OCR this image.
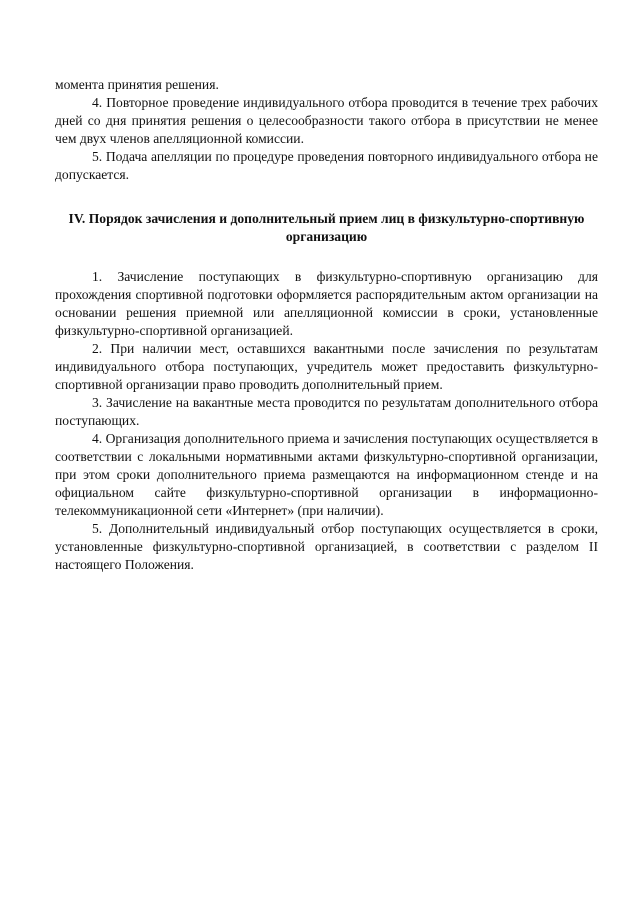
момента принятия решения.

4. Повторное проведение индивидуального отбора проводится в течение трех рабочих дней со дня принятия решения о целесообразности такого отбора в присутствии не менее чем двух членов апелляционной комиссии.

5. Подача апелляции по процедуре проведения повторного индивидуального отбора не допускается.

IV. Порядок зачисления и дополнительный прием лиц в физкультурно-спортивную организацию

1. Зачисление поступающих в физкультурно-спортивную организацию для прохождения спортивной подготовки оформляется распорядительным актом организации на основании решения приемной или апелляционной комиссии в сроки, установленные физкультурно-спортивной организацией.

2. При наличии мест, оставшихся вакантными после зачисления по результатам индивидуального отбора поступающих, учредитель может предоставить физкультурно-спортивной организации право проводить дополнительный прием.

3. Зачисление на вакантные места проводится по результатам дополнительного отбора поступающих.

4. Организация дополнительного приема и зачисления поступающих осуществляется в соответствии с локальными нормативными актами физкультурно-спортивной организации, при этом сроки дополнительного приема размещаются на информационном стенде и на официальном сайте физкультурно-спортивной организации в информационно-телекоммуникационной сети «Интернет» (при наличии).

5. Дополнительный индивидуальный отбор поступающих осуществляется в сроки, установленные физкультурно-спортивной организацией, в соответствии с разделом II настоящего Положения.
